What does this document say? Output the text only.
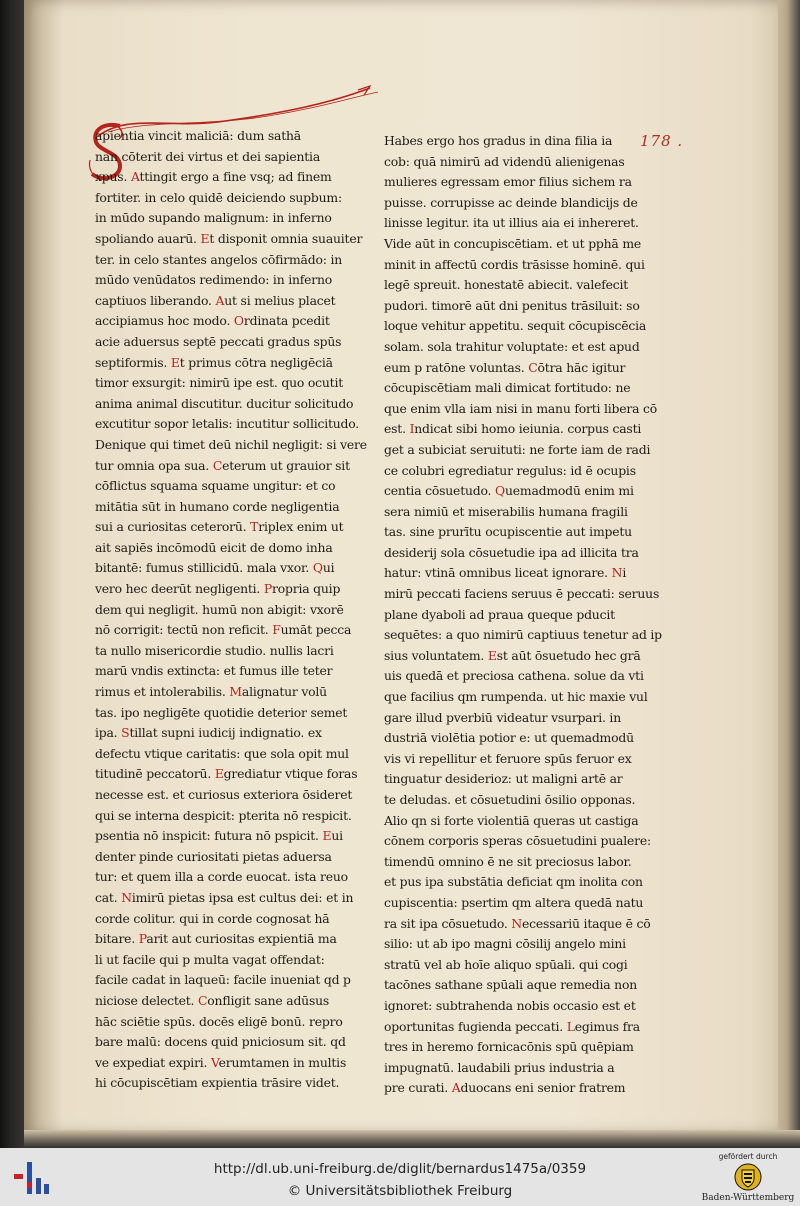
178 .
apientia vincit maliciā: dum sathā
nan cōterit dei virtus et dei sapientia
xpus. Attingit ergo a fine vsq; ad finem
fortiter. in celo quidē deiciendo supbum:
in mūdo supando malignum: in inferno
spoliando auarū. Et disponit omnia suauiter
ter. in celo stantes angelos cōfirmādo: in
mūdo venūdatos redimendo: in inferno
captiuos liberando. Aut si melius placet
accipiamus hoc modo. Ordinata pcedit
acie aduersus septē peccati gradus spūs
septiformis. Et primus cōtra negligēciā
timor exsurgit: nimirū ipe est. quo ocutit
anima animal discutitur. ducitur solicitudo
excutitur sopor letalis: incutitur sollicitudo.
Denique qui timet deū nichil negligit: si vere
tur omnia opa sua. Ceterum ut grauior sit
cōflictus squama squame ungitur: et co
mitātia sūt in humano corde negligentia
sui a curiositas ceterorū. Triplex enim ut
ait sapiēs incōmodū eicit de domo inha
bitantē: fumus stillicidū. mala vxor. Qui
vero hec deerūt negligenti. Propria quip
dem qui negligit. humū non abigit: vxorē
nō corrigit: tectū non reficit. Fumāt pecca
ta nullo misericordie studio. nullis lacri
marū vndis extincta: et fumus ille teter
rimus et intolerabilis. Malignatur volū
tas. ipo negligēte quotidie deterior semet
ipa. Stillat supni iudicij indignatio. ex
defectu vtique caritatis: que sola opit mul
titudinē peccatorū. Egrediatur vtique foras
necesse est. et curiosus exteriora ōsideret
qui se interna despicit: pterita nō respicit.
psentia nō inspicit: futura nō pspicit. Eui
denter pinde curiositati pietas aduersa
tur: et quem illa a corde euocat. ista reuo
cat. Nimirū pietas ipsa est cultus dei: et in
corde colitur. qui in corde cognosat hā
bitare. Parit aut curiositas expientiā ma
li ut facile qui p multa vagat offendat:
facile cadat in laqueū: facile inueniat qd p
niciose delectet. Confligit sane adūsus
hāc sciētie spūs. docēs eligē bonū. repro
bare malū: docens quid pniciosum sit. qd
ve expediat expiri. Verumtamen in multis
hi cōcupiscētiam expientia trāsire videt.
Habes ergo hos gradus in dina filia ia
cob: quā nimirū ad videndū alienigenas
mulieres egressam emor filius sichem ra
puisse. corrupisse ac deinde blandicijs de
linisse legitur. ita ut illius aia ei inhereret.
Vide aūt in concupiscētiam. et ut pphā me
minit in affectū cordis trāsisse hominē. qui
legē spreuit. honestatē abiecit. valefecit
pudori. timorē aūt dni penitus trāsiluit: so
loque vehitur appetitu. sequit cōcupiscēcia
solam. sola trahitur voluptate: et est apud
eum p ratōne voluntas. Cōtra hāc igitur
cōcupiscētiam mali dimicat fortitudo: ne
que enim vlla iam nisi in manu forti libera cō
est. Indicat sibi homo ieiunia. corpus casti
get a subiciat seruituti: ne forte iam de radi
ce colubri egrediatur regulus: id ē ocupis
centia cōsuetudo. Quemadmodū enim mi
sera nimiū et miserabilis humana fragili
tas. sine prurītu ocupiscentie aut impetu
desiderij sola cōsuetudie ipa ad illicita tra
hatur: vtinā omnibus liceat ignorare. Ni
mirū peccati faciens seruus ē peccati: seruus
plane dyaboli ad praua queque pducit
sequētes: a quo nimirū captiuus tenetur ad ip
sius voluntatem. Est aūt ōsuetudo hec grā
uis quedā et preciosa cathena. solue da vti
que facilius qm rumpenda. ut hic maxie vul
gare illud pverbiū videatur vsurpari. in
dustriā violētia potior e: ut quemadmodū
vis vi repellitur et feruore spūs feruor ex
tinguatur desiderioz: ut maligni artē ar
te deludas. et cōsuetudini ōsilio opponas.
Alio qn si forte violentiā queras ut castiga
cōnem corporis speras cōsuetudini pualere:
timendū omnino ē ne sit preciosus labor.
et pus ipa substātia deficiat qm inolita con
cupiscentia: psertim qm altera quedā natu
ra sit ipa cōsuetudo. Necessariū itaque ē cō
silio: ut ab ipo magni cōsilij angelo mini
stratū vel ab hoīe aliquo spūali. qui cogi
tacōnes sathane spūali aque remedia non
ignoret: subtrahenda nobis occasio est et
oportunitas fugienda peccati. Legimus fra
tres in heremo fornicacōnis spū quēpiam
impugnatū. laudabili prius industria a
pre curati. Aduocans eni senior fratrem
http://dl.ub.uni-freiburg.de/diglit/bernardus1475a/0359
© Universitätsbibliothek Freiburg
gefördert durch
Baden-Württemberg
